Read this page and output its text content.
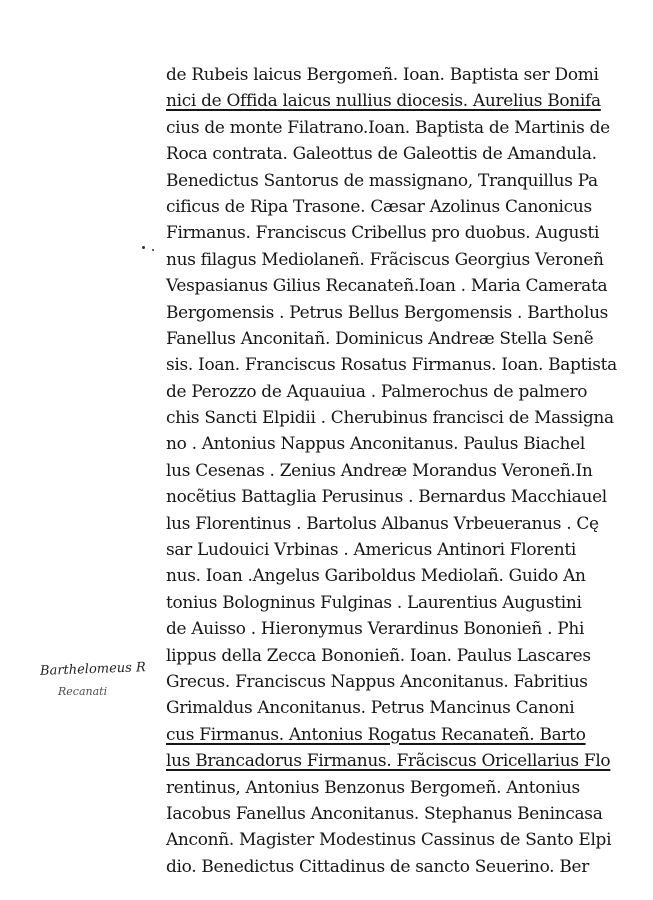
de Rubeis laicus Bergomeñ. Ioan. Baptista ser Domi
nici de Offida laicus nullius diocesis. Aurelius Bonifa
cius de monte Filatrano.Ioan. Baptista de Martinis de
Roca contrata. Galeottus de Galeottis de Amandula.
Benedictus Santorus de massignano, Tranquillus Pa
cificus de Ripa Trasone. Cæsar Azolinus Canonicus
Firmanus. Franciscus Cribellus pro duobus. Augusti
nus filagus Mediolaneñ. Frãciscus Georgius Veroneñ
Vespasianus Gilius Recanateñ.Ioan . Maria Camerata
Bergomensis . Petrus Bellus Bergomensis . Bartholus
Fanellus Anconitañ. Dominicus Andreæ Stella Senẽ
sis. Ioan. Franciscus Rosatus Firmanus. Ioan. Baptista
de Perozzo de Aquauiua . Palmerochus de palmero
chis Sancti Elpidii . Cherubinus francisci de Massigna
no . Antonius Nappus Anconitanus. Paulus Biachel
lus Cesenas . Zenius Andreæ Morandus Veroneñ.In
nocẽtius Battaglia Perusinus . Bernardus Macchiauel
lus Florentinus . Bartolus Albanus Vrbeueranus . Cę
sar Ludouici Vrbinas . Americus Antinori Florenti
nus. Ioan .Angelus Gariboldus Mediolañ. Guido An
tonius Bologninus Fulginas . Laurentius Augustini
de Auisso . Hieronymus Verardinus Bononieñ . Phi
lippus della Zecca Bononieñ. Ioan. Paulus Lascares
Grecus. Franciscus Nappus Anconitanus. Fabritius
Grimaldus Anconitanus. Petrus Mancinus Canoni
cus Firmanus. Antonius Rogatus Recanateñ. Barto
lus Brancadorus Firmanus. Frãciscus Oricellarius Flo
rentinus, Antonius Benzonus Bergomeñ. Antonius
Iacobus Fanellus Anconitanus. Stephanus Benincasa
Anconñ. Magister Modestinus Cassinus de Santo Elpi
dio. Benedictus Cittadinus de sancto Seuerino. Ber
Barthelomeus R
Recanati
